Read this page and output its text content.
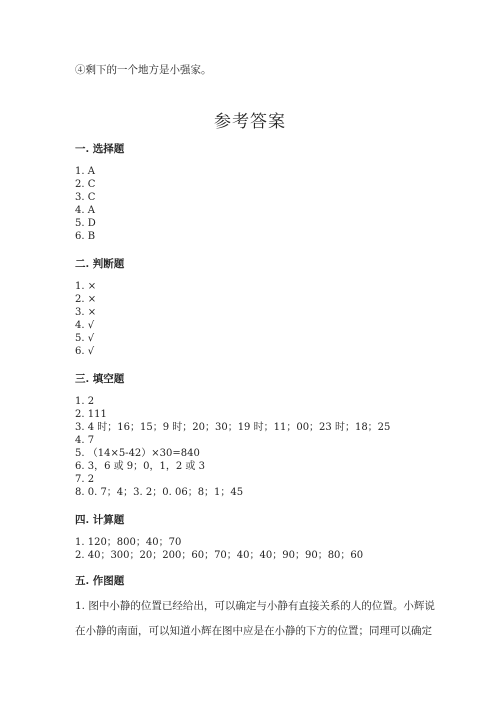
④剩下的一个地方是小强家。
参考答案
一. 选择题
1. A
2. C
3. C
4. A
5. D
6. B
二. 判断题
1. ×
2. ×
3. ×
4. √
5. √
6. √
三. 填空题
1. 2
2. 111
3. 4 时；16；15；9 时；20；30；19 时；11；00；23 时；18；25
4. 7
5. （14×5-42）×30=840
6. 3，6 或 9；0，1，2 或 3
7. 2
8. 0. 7；4；3. 2；0. 06；8；1；45
四. 计算题
1. 120；800；40；70
2. 40；300；20；200；60；70；40；40；90；90；80；60
五. 作图题
1. 图中小静的位置已经给出，可以确定与小静有直接关系的人的位置。小辉说
在小静的南面，可以知道小辉在图中应是在小静的下方的位置；同理可以确定
